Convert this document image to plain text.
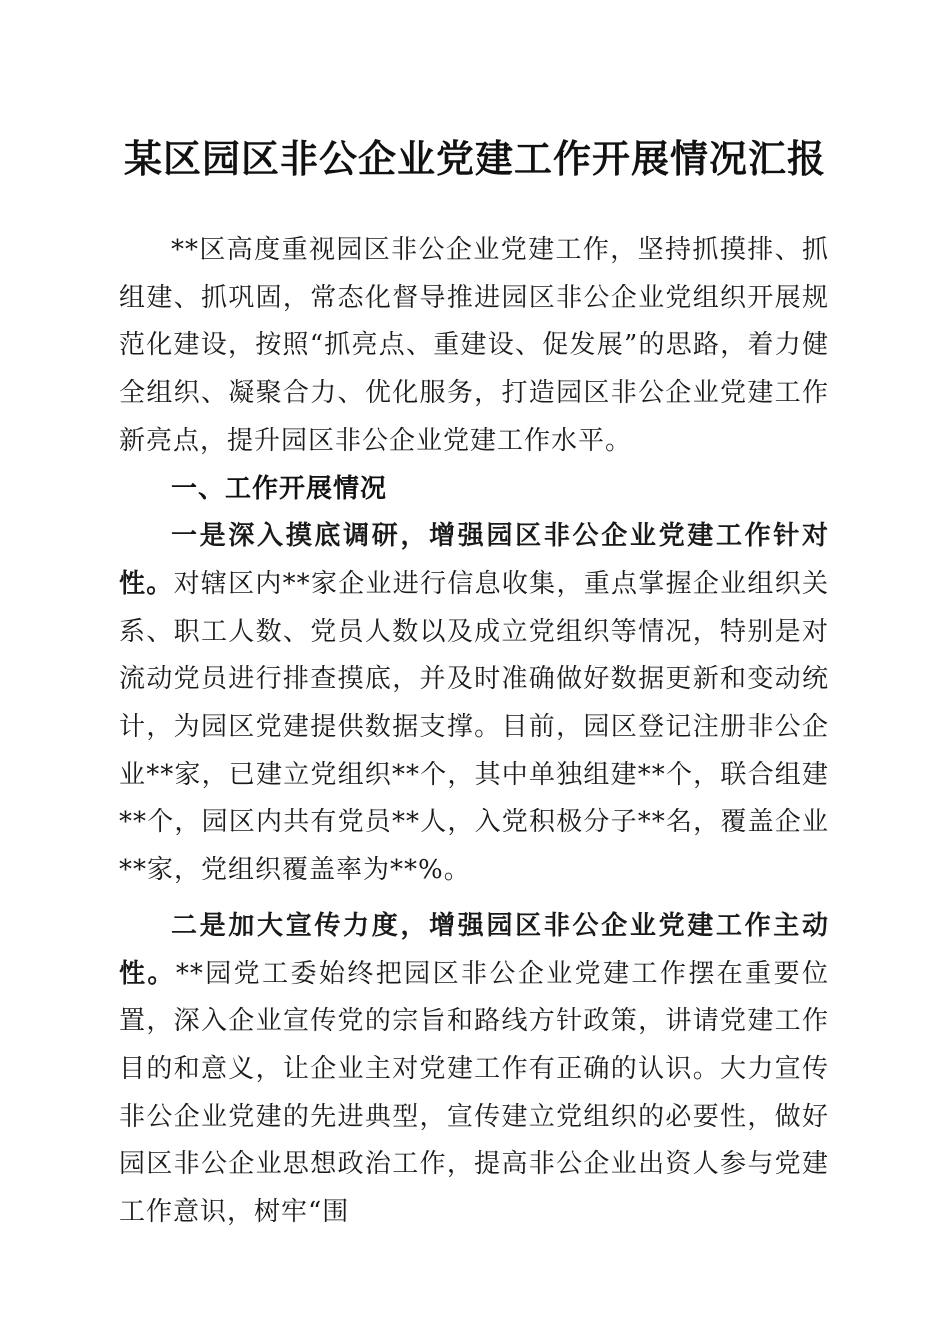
某区园区非公企业党建工作开展情况汇报

**区高度重视园区非公企业党建工作，坚持抓摸排、抓组建、抓巩固，常态化督导推进园区非公企业党组织开展规范化建设，按照“抓亮点、重建设、促发展”的思路，着力健全组织、凝聚合力、优化服务，打造园区非公企业党建工作新亮点，提升园区非公企业党建工作水平。

一、工作开展情况

一是深入摸底调研，增强园区非公企业党建工作针对性。对辖区内**家企业进行信息收集，重点掌握企业组织关系、职工人数、党员人数以及成立党组织等情况，特别是对流动党员进行排查摸底，并及时准确做好数据更新和变动统计，为园区党建提供数据支撑。目前，园区登记注册非公企业**家，已建立党组织**个，其中单独组建**个，联合组建**个，园区内共有党员**人，入党积极分子**名，覆盖企业**家，党组织覆盖率为**%。

二是加大宣传力度，增强园区非公企业党建工作主动性。**园党工委始终把园区非公企业党建工作摆在重要位置，深入企业宣传党的宗旨和路线方针政策，讲请党建工作目的和意义，让企业主对党建工作有正确的认识。大力宣传非公企业党建的先进典型，宣传建立党组织的必要性，做好园区非公企业思想政治工作，提高非公企业出资人参与党建工作意识，树牢“围
